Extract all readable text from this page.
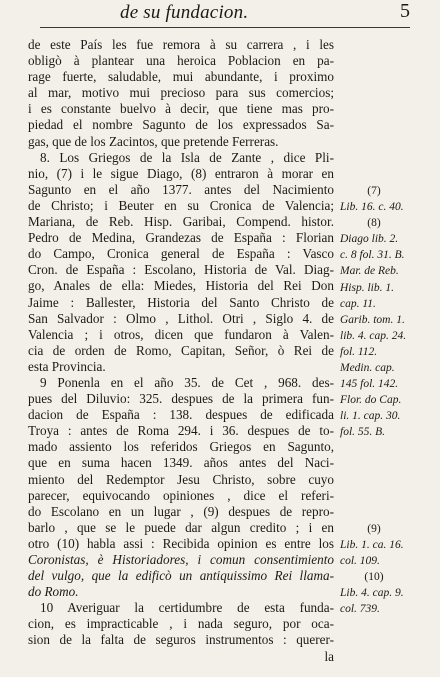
de su fundacion.	5
de este País les fue remora à su carrera , i les
obligò à plantear una heroica Poblacion en pa-
rage fuerte, saludable, mui abundante, i proximo
al mar, motivo mui precioso para sus comercios;
i es constante buelvo à decir, que tiene mas pro-
piedad el nombre Sagunto de los expressados Sa-
gas, que de los Zacintos, que pretende Ferreras.
8. Los Griegos de la Isla de Zante , dice Pli-
nio, (7) i le sigue Diago, (8) entraron à morar en
Sagunto en el año 1377. antes del Nacimiento
de Christo; i Beuter en su Cronica de Valencia;
Mariana, de Reb. Hisp. Garibai, Compend. histor.
Pedro de Medina, Grandezas de España : Florian
do Campo, Cronica general de España : Vasco
Cron. de España : Escolano, Historia de Val. Diag-
go, Anales de ella: Miedes, Historia del Rei Don
Jaime : Ballester, Historia del Santo Christo de
San Salvador : Olmo , Lithol. Otri , Siglo 4. de
Valencia ; i otros, dicen que fundaron à Valen-
cia de orden de Romo, Capitan, Señor, ò Rei de
esta Provincia.
9 Ponenla en el año 35. de Cet , 968. des-
pues del Diluvio: 325. despues de la primera fun-
dacion de España : 138. despues de edificada
Troya : antes de Roma 294. i 36. despues de to-
mado assiento los referidos Griegos en Sagunto,
que en suma hacen 1349. años antes del Naci-
miento del Redemptor Jesu Christo, sobre cuyo
parecer, equivocando opiniones , dice el referi-
do Escolano en un lugar , (9) despues de repro-
barlo , que se le puede dar algun credito ; i en
otro (10) habla assi : Recibida opinion es entre los
Coronistas, è Historiadores, i comun consentimiento
del vulgo, que la edificò un antiquissimo Rei llama-
do Romo.
10 Averiguar la certidumbre de esta funda-
cion, es impracticable , i nada seguro, por oca-
sion de la falta de seguros instrumentos : querer-
la
(7)
Lib. 16. c. 40.
(8)
Diago lib. 2.
c. 8 fol. 31. B.
Mar. de Reb.
Hisp. lib. 1.
cap. 11.
Garib. tom. 1.
lib. 4. cap. 24.
fol. 112.
Medin. cap.
145 fol. 142.
Flor. do Cap.
li. 1. cap. 30.
fol. 55. B.
(9)
Lib. 1. ca. 16.
col. 109.
(10)
Lib. 4. cap. 9.
col. 739.
